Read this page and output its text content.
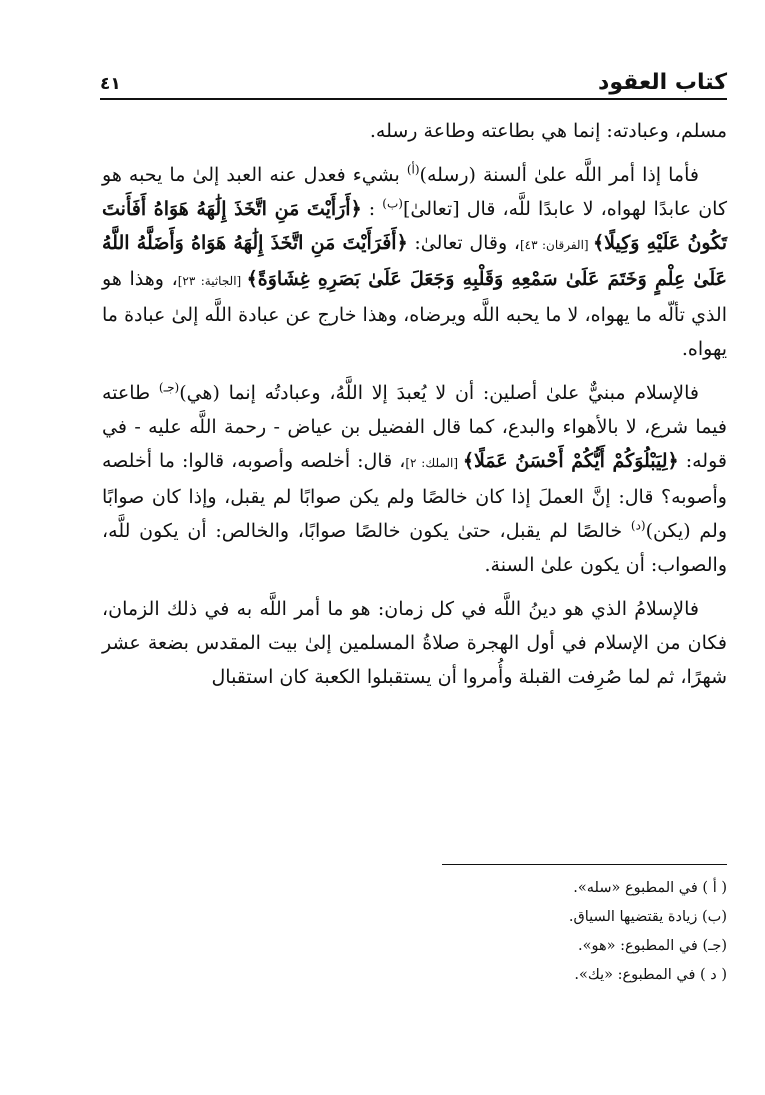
كتاب العقود
٤١

مسلم، وعبادته: إنما هي بطاعته وطاعة رسله.

فأما إذا أمر اللَّه علىٰ ألسنة (رسله)$^{(أ)}$ بشيء فعدل عنه العبد إلىٰ ما يحبه هو كان عابدًا لهواه، لا عابدًا للَّه، قال [تعالىٰ]$^{(ب)}$ : ﴿أَرَأَيْتَ مَنِ اتَّخَذَ إِلَٰهَهُ هَوَاهُ أَفَأَنتَ تَكُونُ عَلَيْهِ وَكِيلًا﴾ [الفرقان: ٤٣]، وقال تعالىٰ: ﴿أَفَرَأَيْتَ مَنِ اتَّخَذَ إِلَٰهَهُ هَوَاهُ وَأَضَلَّهُ اللَّهُ عَلَىٰ عِلْمٍ وَخَتَمَ عَلَىٰ سَمْعِهِ وَقَلْبِهِ وَجَعَلَ عَلَىٰ بَصَرِهِ غِشَاوَةً﴾ [الجاثية: ٢٣]، وهذا هو الذي تألّه ما يهواه، لا ما يحبه اللَّه ويرضاه، وهذا خارج عن عبادة اللَّه إلىٰ عبادة ما يهواه.

فالإسلام مبنيٌّ علىٰ أصلين: أن لا يُعبدَ إلا اللَّهُ، وعبادتُه إنما (هي)$^{(جـ)}$ طاعته فيما شرع، لا بالأهواء والبدع، كما قال الفضيل بن عياض - رحمة اللَّه عليه - في قوله: ﴿لِيَبْلُوَكُمْ أَيُّكُمْ أَحْسَنُ عَمَلًا﴾ [الملك: ٢]، قال: أخلصه وأصوبه، قالوا: ما أخلصه وأصوبه؟ قال: إنَّ العملَ إذا كان خالصًا ولم يكن صوابًا لم يقبل، وإذا كان صوابًا ولم (يكن)$^{(د)}$ خالصًا لم يقبل، حتىٰ يكون خالصًا صوابًا، والخالص: أن يكون للَّه، والصواب: أن يكون علىٰ السنة.

فالإسلامُ الذي هو دينُ اللَّه في كل زمان: هو ما أمر اللَّه به في ذلك الزمان، فكان من الإسلام في أول الهجرة صلاةُ المسلمين إلىٰ بيت المقدس بضعة عشر شهرًا، ثم لما صُرِفت القبلة وأُمروا أن يستقبلوا الكعبة كان استقبال

( أ ) في المطبوع «سله».
(ب) زيادة يقتضيها السياق.
(جـ) في المطبوع: «هو».
( د ) في المطبوع: «يك».
